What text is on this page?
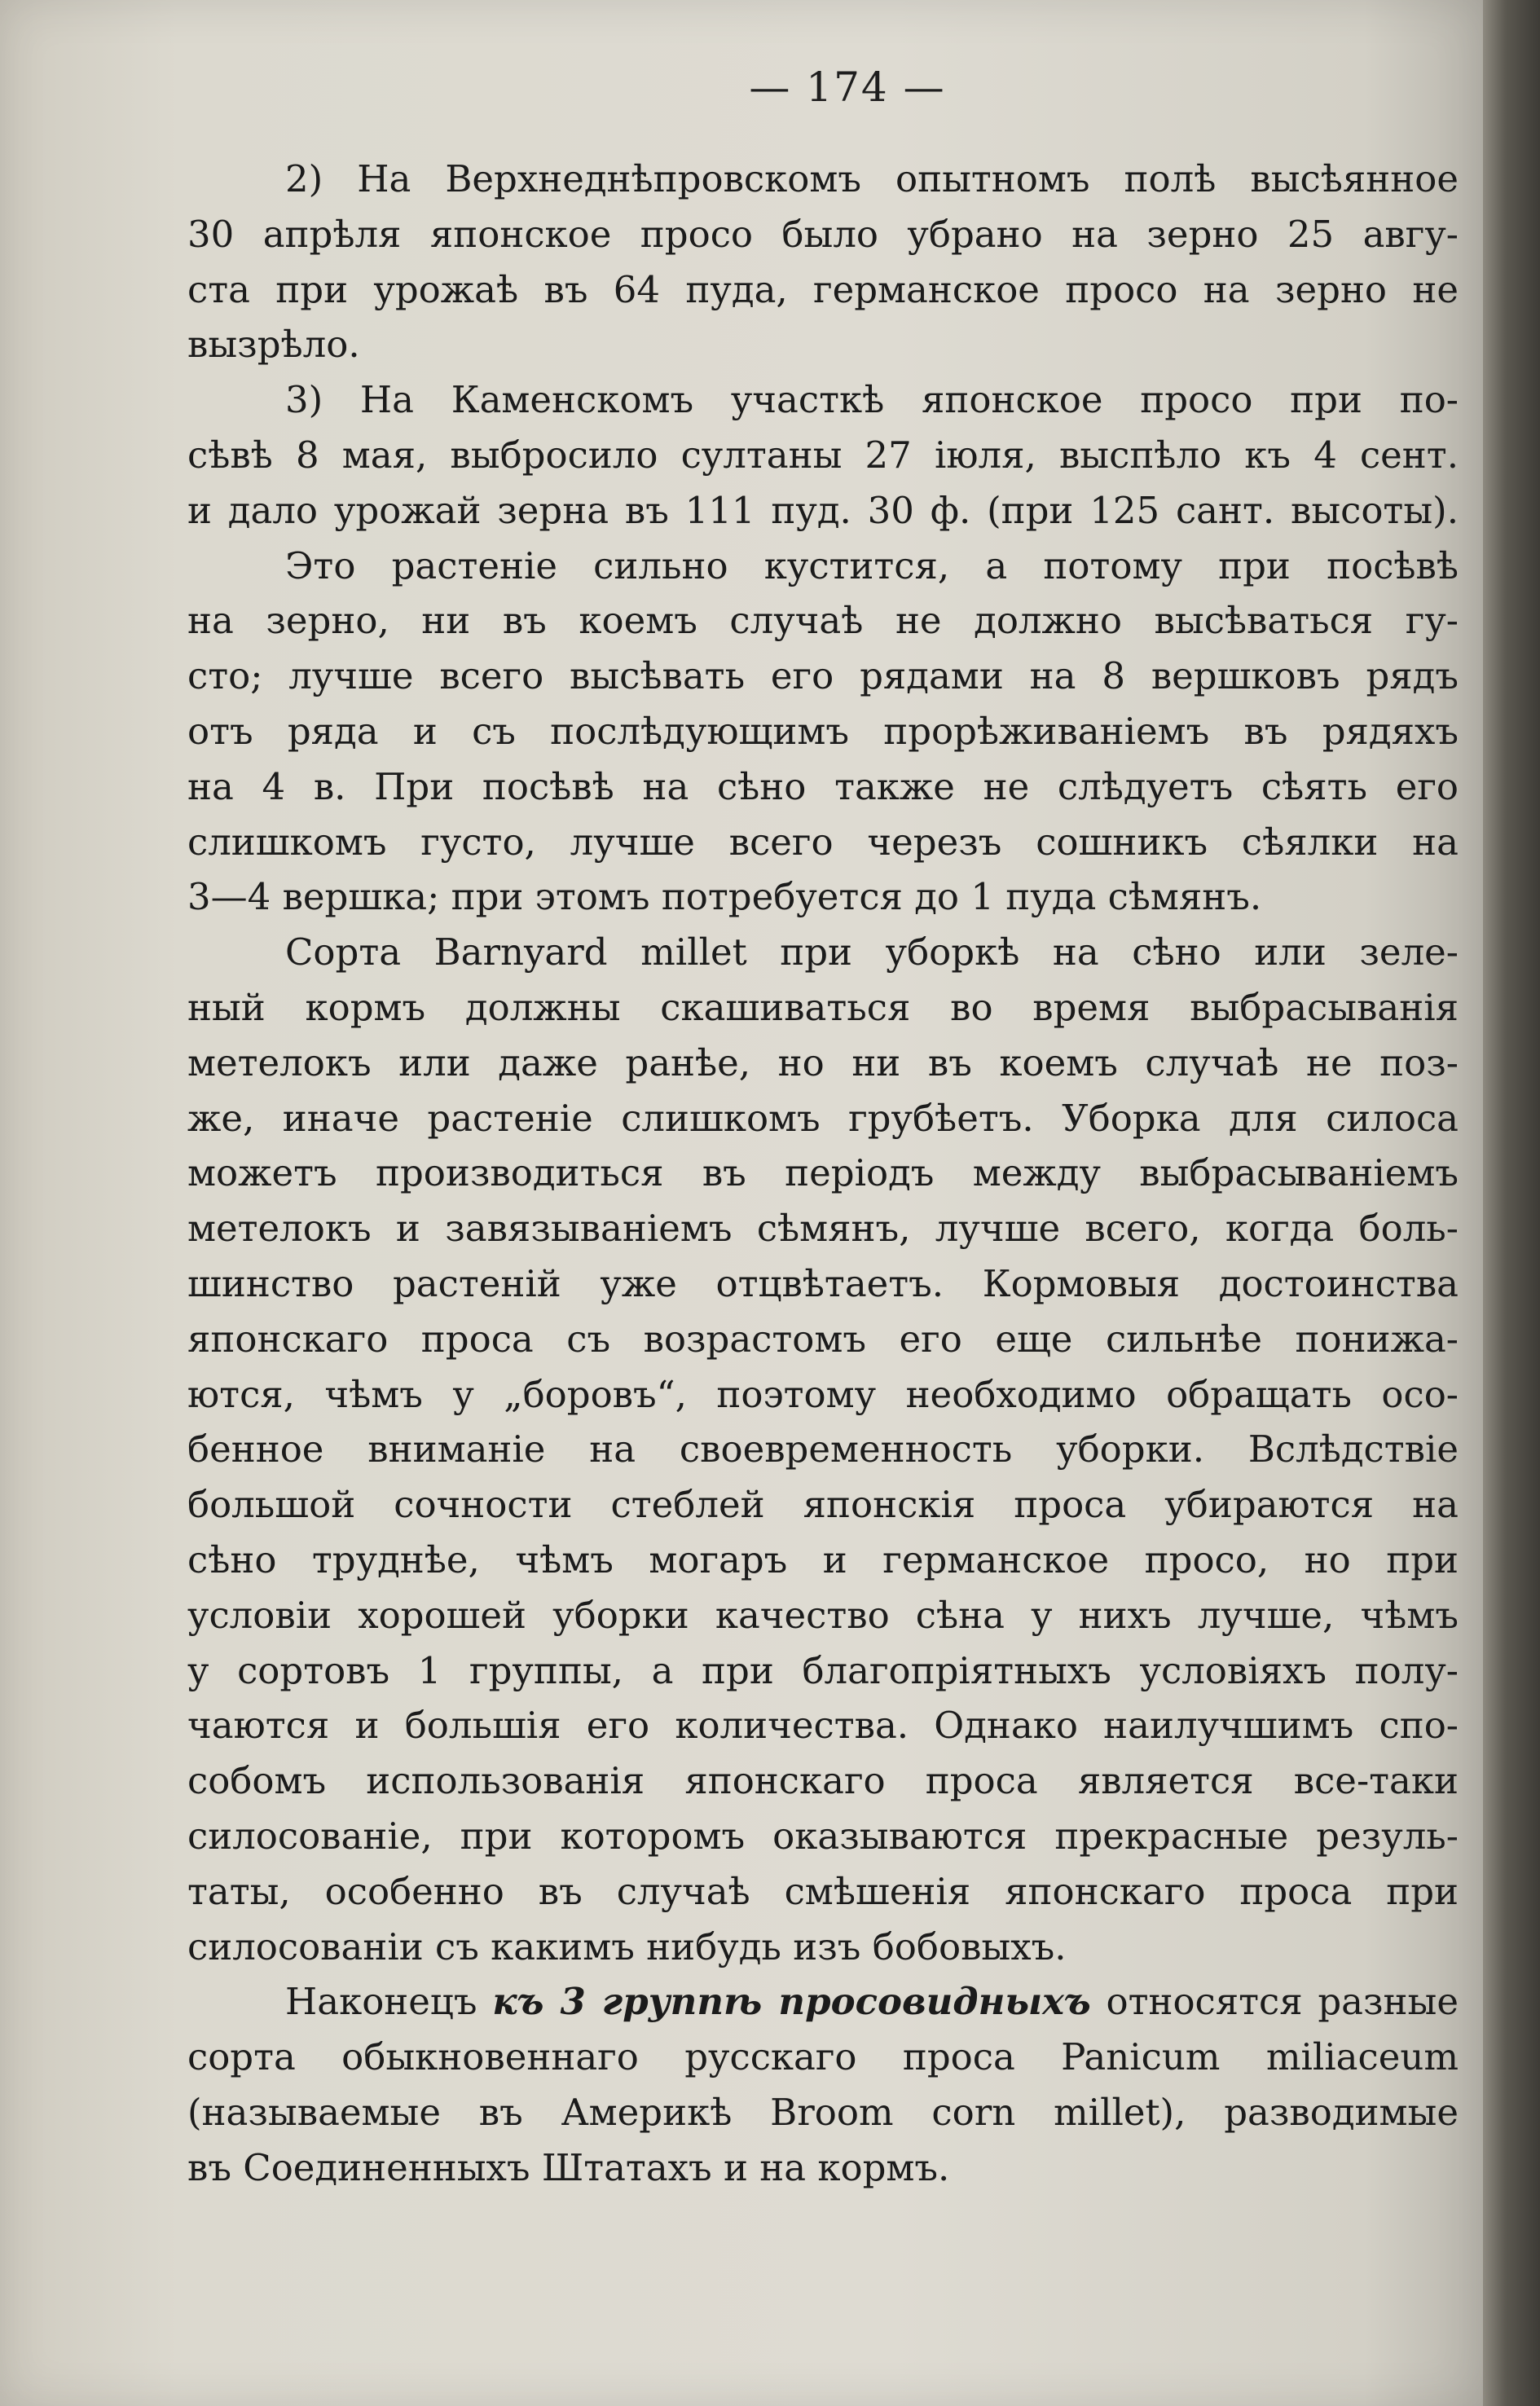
— 174 —
2) На Верхнеднѣпровскомъ опытномъ полѣ высѣянное
30 апрѣля японское просо было убрано на зерно 25 авгу-
ста при урожаѣ въ 64 пуда, германское просо на зерно не
вызрѣло.
3) На Каменскомъ участкѣ японское просо при по-
сѣвѣ 8 мая, выбросило султаны 27 іюля, выспѣло къ 4 сент.
и дало урожай зерна въ 111 пуд. 30 ф. (при 125 сант. высоты).
Это растеніе сильно кустится, а потому при посѣвѣ
на зерно, ни въ коемъ случаѣ не должно высѣваться гу-
сто; лучше всего высѣвать его рядами на 8 вершковъ рядъ
отъ ряда и съ послѣдующимъ прорѣживаніемъ въ рядяхъ
на 4 в. При посѣвѣ на сѣно также не слѣдуетъ сѣять его
слишкомъ густо, лучше всего черезъ сошникъ сѣялки на
3—4 вершка; при этомъ потребуется до 1 пуда сѣмянъ.
Сорта Barnyard millet при уборкѣ на сѣно или зеле-
ный кормъ должны скашиваться во время выбрасыванія
метелокъ или даже ранѣе, но ни въ коемъ случаѣ не поз-
же, иначе растеніе слишкомъ грубѣетъ. Уборка для силоса
можетъ производиться въ періодъ между выбрасываніемъ
метелокъ и завязываніемъ сѣмянъ, лучше всего, когда боль-
шинство растеній уже отцвѣтаетъ. Кормовыя достоинства
японскаго проса съ возрастомъ его еще сильнѣе понижа-
ются, чѣмъ у „боровъ“, поэтому необходимо обращать осо-
бенное вниманіе на своевременность уборки. Вслѣдствіе
большой сочности стеблей японскія проса убираются на
сѣно труднѣе, чѣмъ могаръ и германское просо, но при
условіи хорошей уборки качество сѣна у нихъ лучше, чѣмъ
у сортовъ 1 группы, а при благопріятныхъ условіяхъ полу-
чаются и большія его количества. Однако наилучшимъ спо-
собомъ использованія японскаго проса является все-таки
силосованіе, при которомъ оказываются прекрасные резуль-
таты, особенно въ случаѣ смѣшенія японскаго проса при
силосованіи съ какимъ нибудь изъ бобовыхъ.
Наконецъ къ 3 группѣ просовидныхъ относятся разные
сорта обыкновеннаго русскаго проса Panicum miliaceum
(называемые въ Америкѣ Broom corn millet), разводимые
въ Соединенныхъ Штатахъ и на кормъ.
